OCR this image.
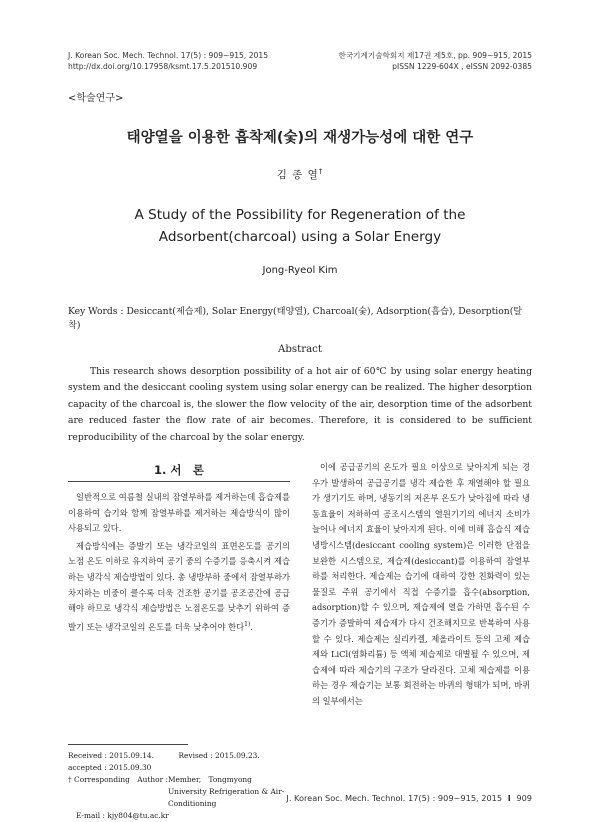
J. Korean Soc. Mech. Technol. 17(5) : 909~915, 2015
http://dx.doi.org/10.17958/ksmt.17.5.201510.909
한국기계기술학회지 제17권 제5호, pp. 909~915, 2015
pISSN 1229-604X , eISSN 2092-0385
<학술연구>
태양열을 이용한 흡착제(숯)의 재생가능성에 대한 연구
김 종 열†
A Study of the Possibility for Regeneration of the
Adsorbent(charcoal) using a Solar Energy
Jong-Ryeol Kim
Key Words : Desiccant(제습제), Solar Energy(태양열), Charcoal(숯), Adsorption(흡습), Desorption(탈착)
Abstract
This research shows desorption possibility of a hot air of 60℃ by using solar energy heating system and the desiccant cooling system using solar energy can be realized. The higher desorption capacity of the charcoal is, the slower the flow velocity of the air, desorption time of the adsorbent are reduced faster the flow rate of air becomes. Therefore, it is considered to be sufficient reproducibility of the charcoal by the solar energy.
1. 서　론

일반적으로 여름철 실내의 잠열부하를 제거하는데 흡습제를 이용하여 습기와 함께 잠열부하를 제거하는 제습방식이 많이 사용되고 있다.

제습방식에는 증발기 또는 냉각코일의 표면온도를 공기의 노점 온도 이하로 유지하여 공기 중의 수증기를 응축시켜 제습하는 냉각식 제습방법이 있다. 총 냉방부하 중에서 잠열부하가 차지하는 비중이 클수록 더욱 건조한 공기를 공조공간에 공급해야 하므로 냉각식 제습방법은 노점온도를 낮추기 위하여 증발기 또는 냉각코일의 온도를 더욱 낮추어야 한다$^{1)}$.

Received : 2015.09.14.　　　 Revised : 2015.09.23.
accepted : 2015.09.30
† Corresponding　Author : Member,　Tongmyong University Refrigeration & Air-Conditioning
E-mail : kjy804@tu.ac.kr
이에 공급공기의 온도가 필요 이상으로 낮아지게 되는 경우가 발생하여 공급공기를 냉각 제습한 후 재열해야 할 필요가 생기기도 하며, 냉동기의 저온부 온도가 낮아짐에 따라 냉동효율이 저하하여 공조시스템의 열원기기의 에너지 소비가 늘어나 에너지 효율이 낮아지게 된다. 이에 비해 흡습식 제습 냉방시스템(desiccant cooling system)은 이러한 단점을 보완한 시스템으로, 제습제(desiccant)를 이용하여 잠열부하를 처리한다. 제습제는 습기에 대하여 강한 친화력이 있는 물질로 주위 공기에서 직접 수증기를 흡수(absorption, adsorption)할 수 있으며, 제습제에 열을 가하면 흡수된 수증기가 증발하여 제습제가 다시 건조해지므로 반복하여 사용할 수 있다. 제습제는 실리카겔, 제올라이트 등의 고체 제습제와 LiCl(염화리튬) 등 액체 제습제로 대별될 수 있으며, 제습제에 따라 제습기의 구조가 달라진다. 고체 제습제를 이용하는 경우 제습기는 보통 회전하는 바퀴의 형태가 되며, 바퀴의 일부에서는
J. Korean Soc. Mech. Technol. 17(5) : 909~915, 2015 Ⅰ 909
